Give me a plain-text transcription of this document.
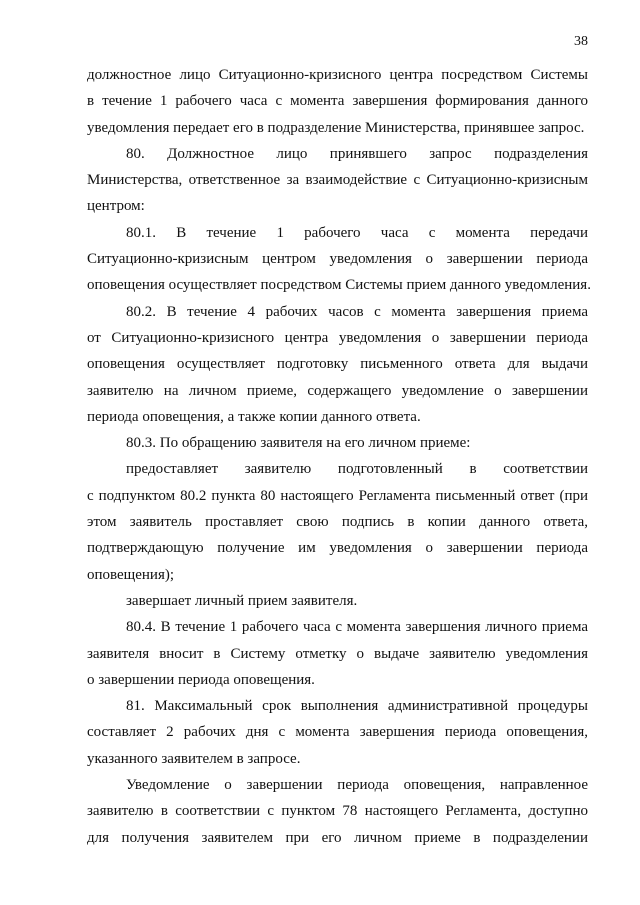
38
должностное лицо Ситуационно-кризисного центра посредством Системы
в течение 1 рабочего часа с момента завершения формирования данного
уведомления передает его в подразделение Министерства, принявшее запрос.
80. Должностное лицо принявшего запрос подразделения
Министерства, ответственное за взаимодействие с Ситуационно-кризисным
центром:
80.1. В течение 1 рабочего часа с момента передачи
Ситуационно-кризисным центром уведомления о завершении периода
оповещения осуществляет посредством Системы прием данного уведомления.
80.2. В течение 4 рабочих часов с момента завершения приема
от Ситуационно-кризисного центра уведомления о завершении периода
оповещения осуществляет подготовку письменного ответа для выдачи
заявителю на личном приеме, содержащего уведомление о завершении
периода оповещения, а также копии данного ответа.
80.3. По обращению заявителя на его личном приеме:
предоставляет заявителю подготовленный в соответствии
с подпунктом 80.2 пункта 80 настоящего Регламента письменный ответ (при
этом заявитель проставляет свою подпись в копии данного ответа,
подтверждающую получение им уведомления о завершении периода
оповещения);
завершает личный прием заявителя.
80.4. В течение 1 рабочего часа с момента завершения личного приема
заявителя вносит в Систему отметку о выдаче заявителю уведомления
о завершении периода оповещения.
81. Максимальный срок выполнения административной процедуры
составляет 2 рабочих дня с момента завершения периода оповещения,
указанного заявителем в запросе.
Уведомление о завершении периода оповещения, направленное
заявителю в соответствии с пунктом 78 настоящего Регламента, доступно
для получения заявителем при его личном приеме в подразделении
